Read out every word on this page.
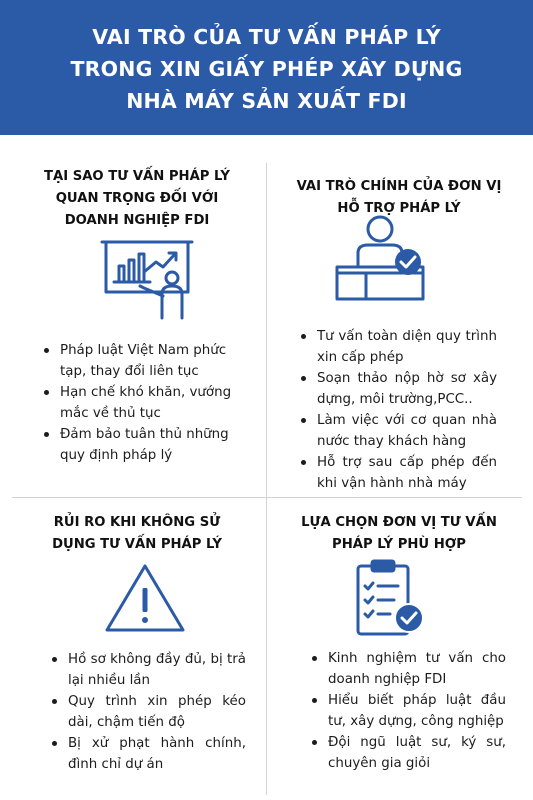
VAI TRÒ CỦA TƯ VẤN PHÁP LÝ
TRONG XIN GIẤY PHÉP XÂY DỰNG
NHÀ MÁY SẢN XUẤT FDI
TẠI SAO TƯ VẤN PHÁP LÝ
QUAN TRỌNG ĐỐI VỚI
DOANH NGHIỆP FDI
Pháp luật Việt Nam phức tạp, thay đổi liên tục
Hạn chế khó khăn, vướng mắc về thủ tục
Đảm bảo tuân thủ những quy định pháp lý
VAI TRÒ CHÍNH CỦA ĐƠN VỊ
HỖ TRỢ PHÁP LÝ
Tư vấn toàn diện quy trình xin cấp phép
Soạn thảo nộp hờ sơ xây dựng, môi trường,PCC..
Làm việc với cơ quan nhà nước thay khách hàng
Hỗ trợ sau cấp phép đến khi vận hành nhà máy
RỦI RO KHI KHÔNG SỬ
DỤNG TƯ VẤN PHÁP LÝ
Hồ sơ không đầy đủ, bị trả lại nhiều lần
Quy trình xin phép kéo dài, chậm tiến độ
Bị xử phạt hành chính, đình chỉ dự án
LỰA CHỌN ĐƠN VỊ TƯ VẤN
PHÁP LÝ PHÙ HỢP
Kinh nghiệm tư vấn cho doanh nghiệp FDI
Hiểu biết pháp luật đầu tư, xây dựng, công nghiệp
Đội ngũ luật sư, ký sư, chuyên gia giỏi
